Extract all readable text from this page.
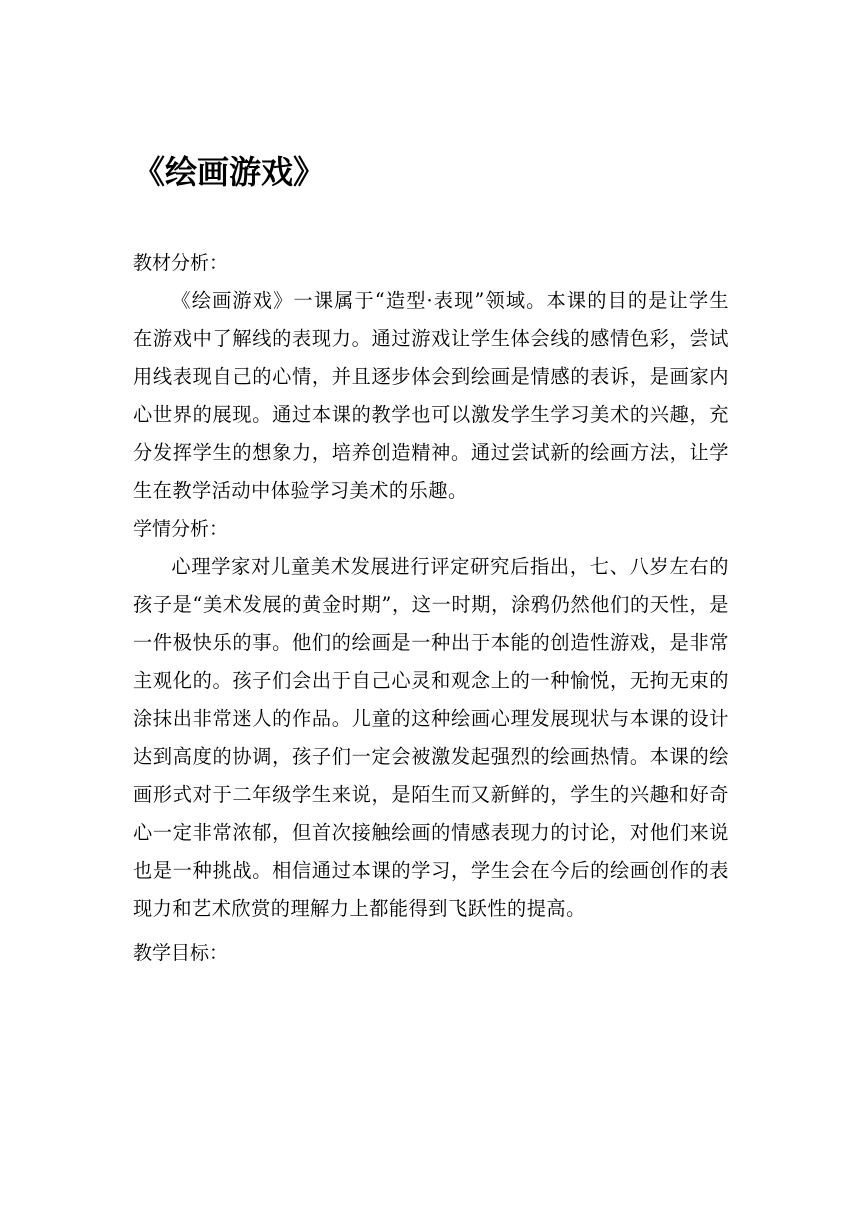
《绘画游戏》

教材分析：

《绘画游戏》一课属于“造型·表现”领域。本课的目的是让学生在游戏中了解线的表现力。通过游戏让学生体会线的感情色彩，尝试用线表现自己的心情，并且逐步体会到绘画是情感的表诉，是画家内心世界的展现。通过本课的教学也可以激发学生学习美术的兴趣，充分发挥学生的想象力，培养创造精神。通过尝试新的绘画方法，让学生在教学活动中体验学习美术的乐趣。

学情分析：

心理学家对儿童美术发展进行评定研究后指出，七、八岁左右的孩子是“美术发展的黄金时期”，这一时期，涂鸦仍然他们的天性，是一件极快乐的事。他们的绘画是一种出于本能的创造性游戏，是非常主观化的。孩子们会出于自己心灵和观念上的一种愉悦，无拘无束的涂抹出非常迷人的作品。儿童的这种绘画心理发展现状与本课的设计达到高度的协调，孩子们一定会被激发起强烈的绘画热情。本课的绘画形式对于二年级学生来说，是陌生而又新鲜的，学生的兴趣和好奇心一定非常浓郁，但首次接触绘画的情感表现力的讨论，对他们来说也是一种挑战。相信通过本课的学习，学生会在今后的绘画创作的表现力和艺术欣赏的理解力上都能得到飞跃性的提高。

教学目标：
